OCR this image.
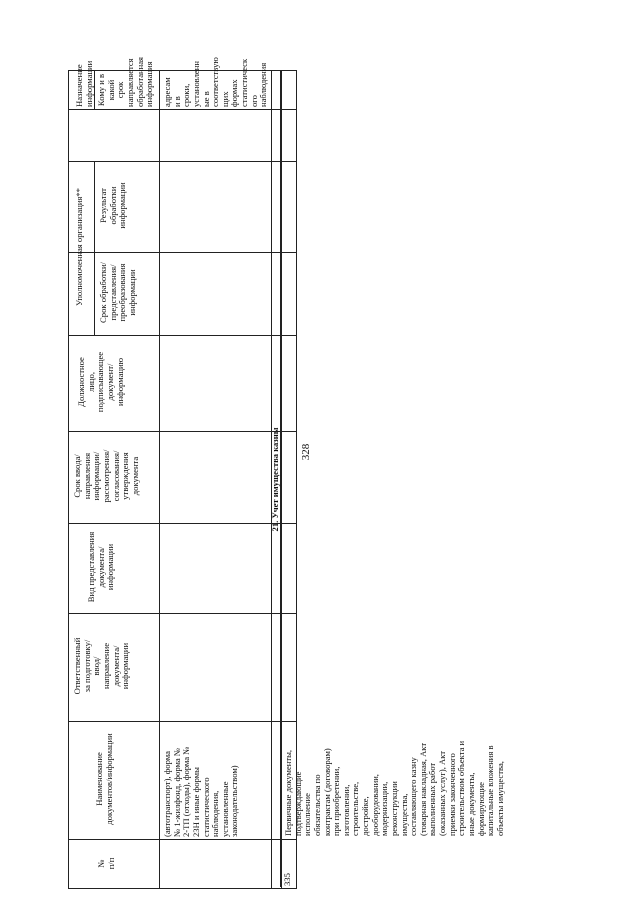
328
Назначение
информации Кому и в
какой срок
направляется
обработанная
информация
Уполномоченная организация** Результат
обработки
информации
Срок обработки/
представления/
преобразования
информации
Должностное
лицо,
подписывающее
документ/
информацию
Срок ввода/
направления
информации/
рассмотрения/
согласования/
утверждения
документа
Вид представления
документа/
информации
Ответственный
за подготовку/
ввод/
направление
документа/
информации
Наименование
документов/информации
№
п/п
(автотранспорт), форма
№ 1-жилфонд, форма №
2-ТП (отходы), форма №
23Н и иные формы
статистического
наблюдения,
установленные
законодательством)
адресам и в
сроки,
установленн
ые в
соответствую
щих формах
статистическ
ого
наблюдения
21. Учет имущества казны
335
Первичные документы,
подтверждающие
исполнение
обязательства по
контрактам (договорам)
при приобретении,
изготовлении,
строительстве,
достройке,
дооборудовании,
модернизации,
реконструкции
имущества,
составляющего казну
(товарная накладная, Акт
выполненных работ
(оказанных услуг), Акт
приемки законченного
строительством объекта и
иные документы,
формирующие
капитальные вложения в
объекты имущества,
